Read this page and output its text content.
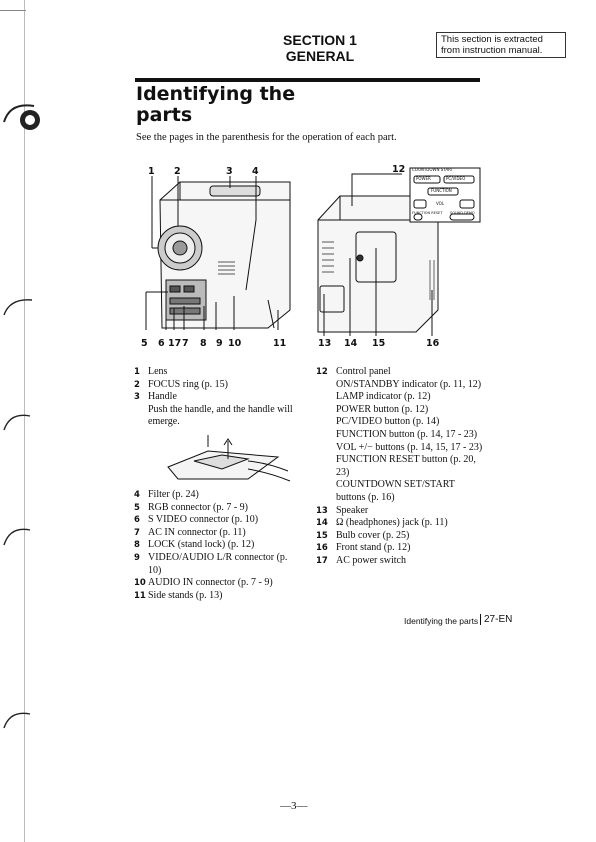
SECTION 1
GENERAL
This section is extracted from instruction manual.
Identifying the parts
See the pages in the parenthesis for the operation of each part.
1 2	3 4
5 6 17 7 8 9 10	11
12
13 14 15	16
COUNTDOWN START
POWER	PC/VIDEO
FUNCTION
VOL
FUNCTION RESET SOUND DEMO
1 Lens
2 FOCUS ring (p. 15)
3 Handle
Push the handle, and the handle will emerge.
4 Filter (p. 24)
5 RGB connector (p. 7 - 9)
6 S VIDEO connector (p. 10)
7 AC IN connector (p. 11)
8 LOCK (stand lock) (p. 12)
9 VIDEO/AUDIO L/R connector (p. 10)
10 AUDIO IN connector (p. 7 - 9)
11 Side stands (p. 13)
12 Control panel
ON/STANDBY indicator (p. 11, 12)
LAMP indicator (p. 12)
POWER button (p. 12)
PC/VIDEO button (p. 14)
FUNCTION button (p. 14, 17 - 23)
VOL +/− buttons (p. 14, 15, 17 - 23)
FUNCTION RESET button (p. 20, 23)
COUNTDOWN SET/START buttons (p. 16)
13 Speaker
14 Ω (headphones) jack (p. 11)
15 Bulb cover (p. 25)
16 Front stand (p. 12)
17 AC power switch
Identifying the parts 27-EN
—3—
